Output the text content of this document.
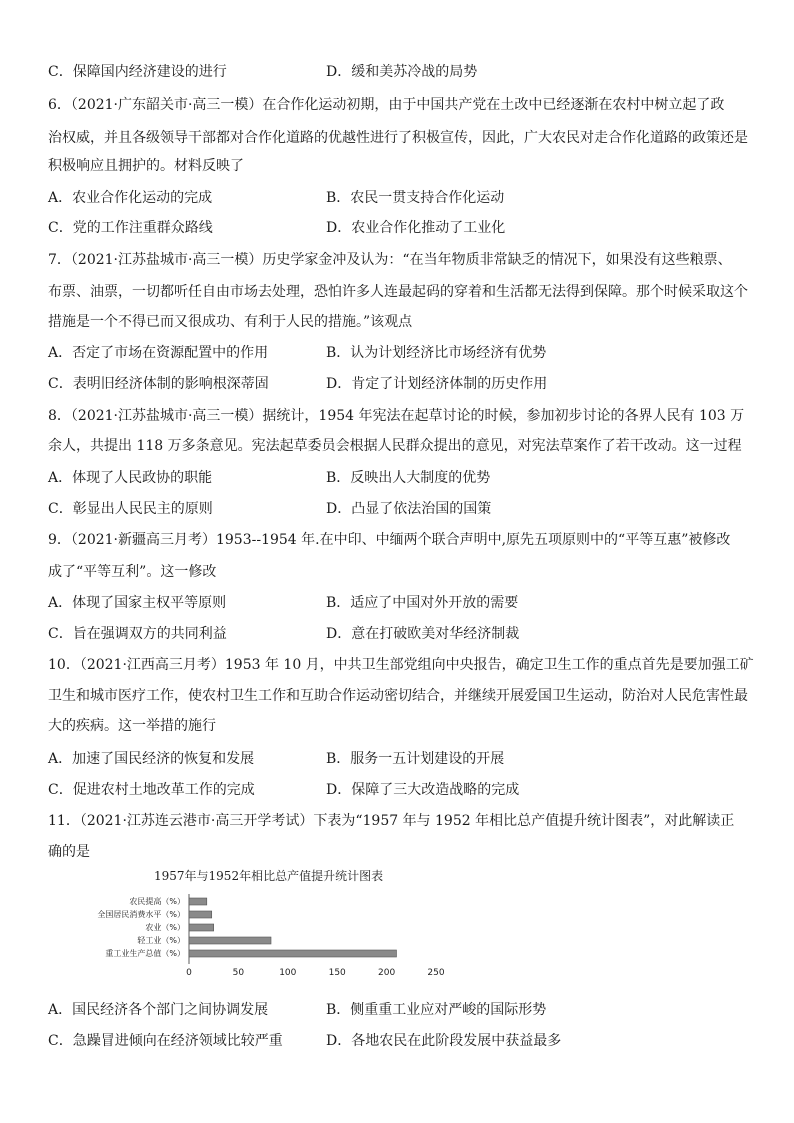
C．保障国内经济建设的进行	D．缓和美苏冷战的局势
6．（2021·广东韶关市·高三一模）在合作化运动初期，由于中国共产党在土改中已经逐渐在农村中树立起了政
治权威，并且各级领导干部都对合作化道路的优越性进行了积极宣传，因此，广大农民对走合作化道路的政策还是
积极响应且拥护的。材料反映了
A．农业合作化运动的完成	B．农民一贯支持合作化运动
C．党的工作注重群众路线	D．农业合作化推动了工业化
7．（2021·江苏盐城市·高三一模）历史学家金冲及认为：“在当年物质非常缺乏的情况下，如果没有这些粮票、
布票、油票，一切都听任自由市场去处理，恐怕许多人连最起码的穿着和生活都无法得到保障。那个时候采取这个
措施是一个不得已而又很成功、有利于人民的措施。”该观点
A．否定了市场在资源配置中的作用	B．认为计划经济比市场经济有优势
C．表明旧经济体制的影响根深蒂固	D．肯定了计划经济体制的历史作用
8．（2021·江苏盐城市·高三一模）据统计，1954 年宪法在起草讨论的时候，参加初步讨论的各界人民有 103 万
余人，共提出 118 万多条意见。宪法起草委员会根据人民群众提出的意见，对宪法草案作了若干改动。这一过程
A．体现了人民政协的职能	B．反映出人大制度的优势
C．彰显出人民民主的原则	D．凸显了依法治国的国策
9．（2021·新疆高三月考）1953--1954 年.在中印、中缅两个联合声明中,原先五项原则中的“平等互惠”被修改
成了“平等互利”。这一修改
A．体现了国家主权平等原则	B．适应了中国对外开放的需要
C．旨在强调双方的共同利益	D．意在打破欧美对华经济制裁
10．（2021·江西高三月考）1953 年 10 月，中共卫生部党组向中央报告，确定卫生工作的重点首先是要加强工矿
卫生和城市医疗工作，使农村卫生工作和互助合作运动密切结合，并继续开展爱国卫生运动，防治对人民危害性最
大的疾病。这一举措的施行
A．加速了国民经济的恢复和发展	B．服务一五计划建设的开展
C．促进农村土地改革工作的完成	D．保障了三大改造战略的完成
11．（2021·江苏连云港市·高三开学考试）下表为“1957 年与 1952 年相比总产值提升统计图表”，对此解读正
确的是
1957年与1952年相比总产值提升统计图表
农民提高（%）
全国居民消费水平（%）
农业（%）
轻工业（%）
重工业生产总值（%）
0	50	100	150	200	250
A．国民经济各个部门之间协调发展	B．侧重重工业应对严峻的国际形势
C．急躁冒进倾向在经济领域比较严重	D．各地农民在此阶段发展中获益最多
